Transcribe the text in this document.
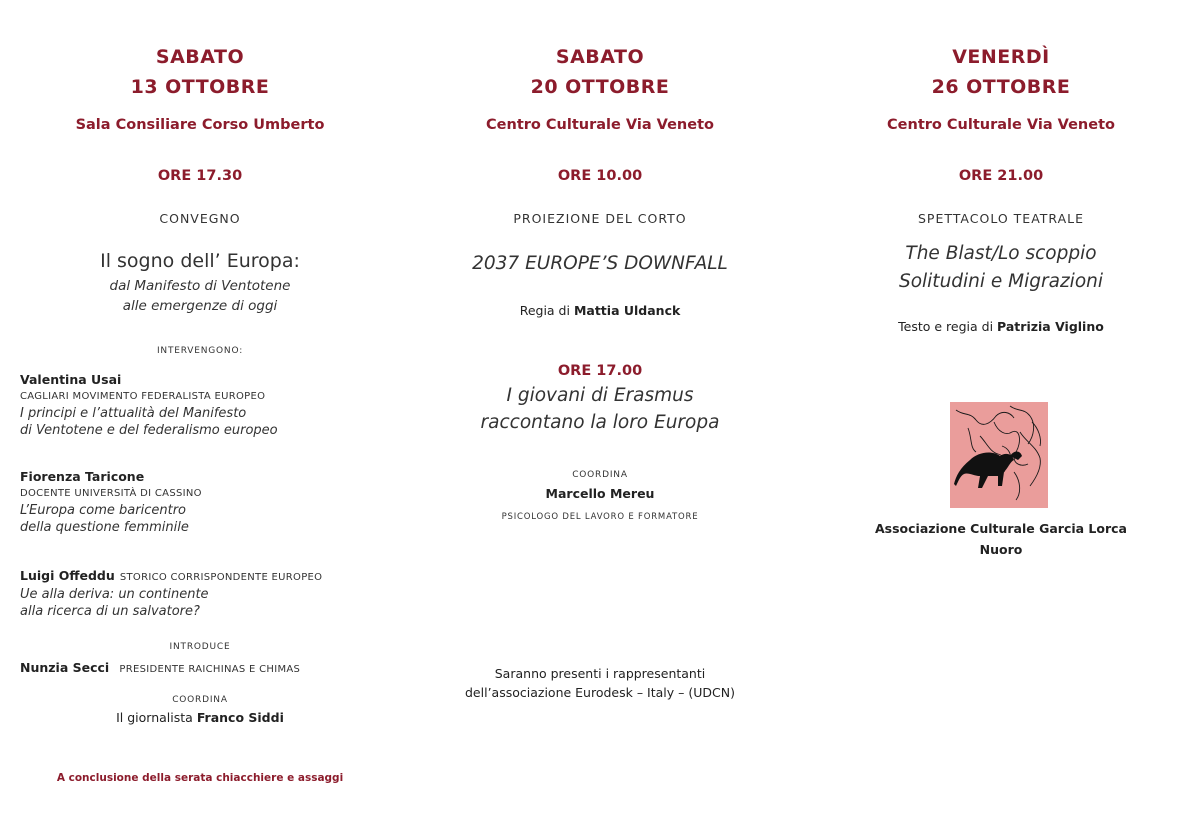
SABATO
13 OTTOBRE
Sala Consiliare Corso Umberto
ORE 17.30
CONVEGNO
Il sogno dell’ Europa:
dal Manifesto di Ventotene
alle emergenze di oggi
INTERVENGONO:
Valentina Usai
CAGLIARI MOVIMENTO FEDERALISTA EUROPEO
I principi e l’attualità del Manifesto
di Ventotene e del federalismo europeo
Fiorenza Taricone
DOCENTE UNIVERSITÀ DI CASSINO
L’Europa come baricentro
della questione femminile
Luigi Offeddu STORICO CORRISPONDENTE EUROPEO
Ue alla deriva: un continente
alla ricerca di un salvatore?
INTRODUCE
Nunzia Secci PRESIDENTE RAICHINAS E CHIMAS
COORDINA
Il giornalista Franco Siddi
A conclusione della serata chiacchiere e assaggi
SABATO
20 OTTOBRE
Centro Culturale Via Veneto
ORE 10.00
PROIEZIONE DEL CORTO
2037 EUROPE’S DOWNFALL
Regia di Mattia Uldanck
ORE 17.00
I giovani di Erasmus
raccontano la loro Europa
COORDINA
Marcello Mereu
PSICOLOGO DEL LAVORO E FORMATORE
Saranno presenti i rappresentanti
dell’associazione Eurodesk – Italy – (UDCN)
VENERDÌ
26 OTTOBRE
Centro Culturale Via Veneto
ORE 21.00
SPETTACOLO TEATRALE
The Blast/Lo scoppio
Solitudini e Migrazioni
Testo e regia di Patrizia Viglino
Associazione Culturale Garcia Lorca
Nuoro
